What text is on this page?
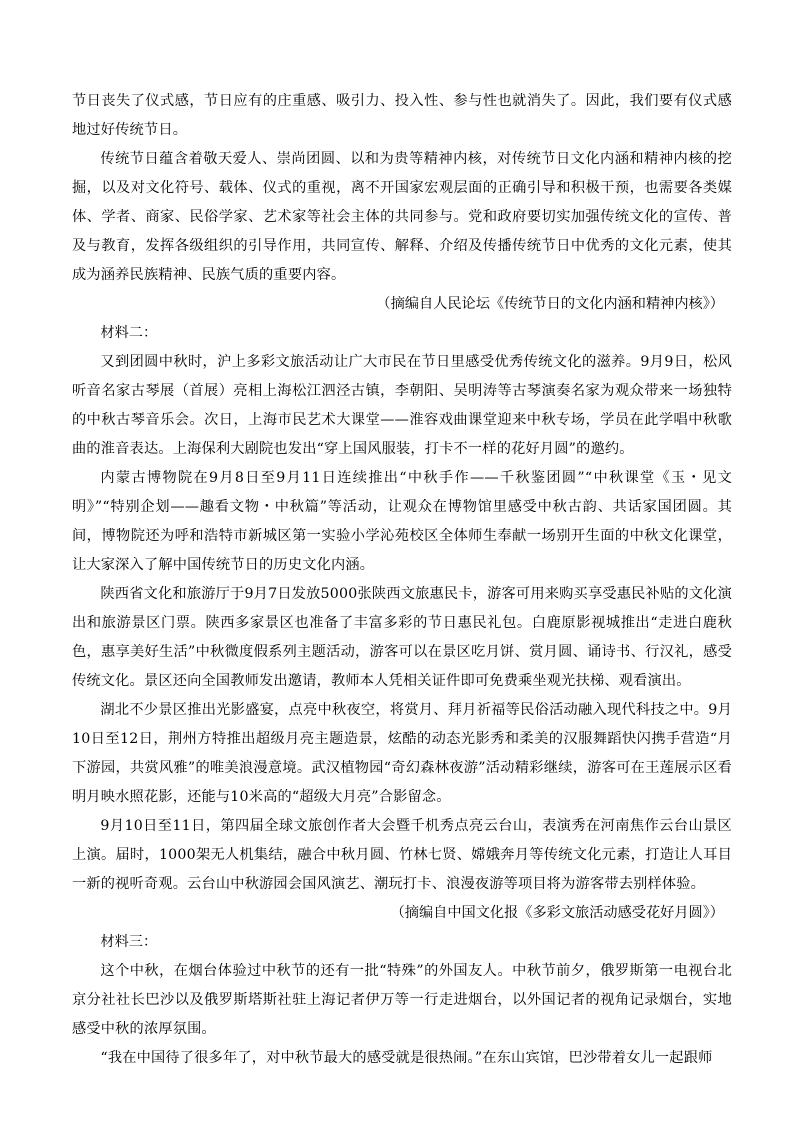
节日丧失了仪式感，节日应有的庄重感、吸引力、投入性、参与性也就消失了。因此，我们要有仪式感地过好传统节日。

传统节日蕴含着敬天爱人、崇尚团圆、以和为贵等精神内核，对传统节日文化内涵和精神内核的挖掘，以及对文化符号、载体、仪式的重视，离不开国家宏观层面的正确引导和积极干预，也需要各类媒体、学者、商家、民俗学家、艺术家等社会主体的共同参与。党和政府要切实加强传统文化的宣传、普及与教育，发挥各级组织的引导作用，共同宣传、解释、介绍及传播传统节日中优秀的文化元素，使其成为涵养民族精神、民族气质的重要内容。

（摘编自人民论坛《传统节日的文化内涵和精神内核》）

材料二：

又到团圆中秋时，沪上多彩文旅活动让广大市民在节日里感受优秀传统文化的滋养。9月9日，松风听音名家古琴展（首展）亮相上海松江泗泾古镇，李朝阳、吴明涛等古琴演奏名家为观众带来一场独特的中秋古琴音乐会。次日，上海市民艺术大课堂——淮容戏曲课堂迎来中秋专场，学员在此学唱中秋歌曲的淮音表达。上海保利大剧院也发出“穿上国风服装，打卡不一样的花好月圆”的邀约。

内蒙古博物院在9月8日至9月11日连续推出“中秋手作——千秋鉴团圆”“中秋课堂《玉・见文明》”“特别企划——趣看文物・中秋篇”等活动，让观众在博物馆里感受中秋古韵、共话家国团圆。其间，博物院还为呼和浩特市新城区第一实验小学沁苑校区全体师生奉献一场别开生面的中秋文化课堂，让大家深入了解中国传统节日的历史文化内涵。

陕西省文化和旅游厅于9月7日发放5000张陕西文旅惠民卡，游客可用来购买享受惠民补贴的文化演出和旅游景区门票。陕西多家景区也准备了丰富多彩的节日惠民礼包。白鹿原影视城推出“走进白鹿秋色，惠享美好生活”中秋微度假系列主题活动，游客可以在景区吃月饼、赏月圆、诵诗书、行汉礼，感受传统文化。景区还向全国教师发出邀请，教师本人凭相关证件即可免费乘坐观光扶梯、观看演出。

湖北不少景区推出光影盛宴，点亮中秋夜空，将赏月、拜月祈福等民俗活动融入现代科技之中。9月10日至12日，荆州方特推出超级月亮主题造景，炫酷的动态光影秀和柔美的汉服舞蹈快闪携手营造“月下游园，共赏风雅”的唯美浪漫意境。武汉植物园“奇幻森林夜游”活动精彩继续，游客可在王莲展示区看明月映水照花影，还能与10米高的“超级大月亮”合影留念。

9月10日至11日，第四届全球文旅创作者大会暨千机秀点亮云台山，表演秀在河南焦作云台山景区上演。届时，1000架无人机集结，融合中秋月圆、竹林七贤、嫦娥奔月等传统文化元素，打造让人耳目一新的视听奇观。云台山中秋游园会国风演艺、潮玩打卡、浪漫夜游等项目将为游客带去别样体验。

（摘编自中国文化报《多彩文旅活动感受花好月圆》）

材料三：

这个中秋，在烟台体验过中秋节的还有一批“特殊”的外国友人。中秋节前夕，俄罗斯第一电视台北京分社社长巴沙以及俄罗斯塔斯社驻上海记者伊万等一行走进烟台，以外国记者的视角记录烟台，实地感受中秋的浓厚氛围。

“我在中国待了很多年了，对中秋节最大的感受就是很热闹。”在东山宾馆，巴沙带着女儿一起跟师
